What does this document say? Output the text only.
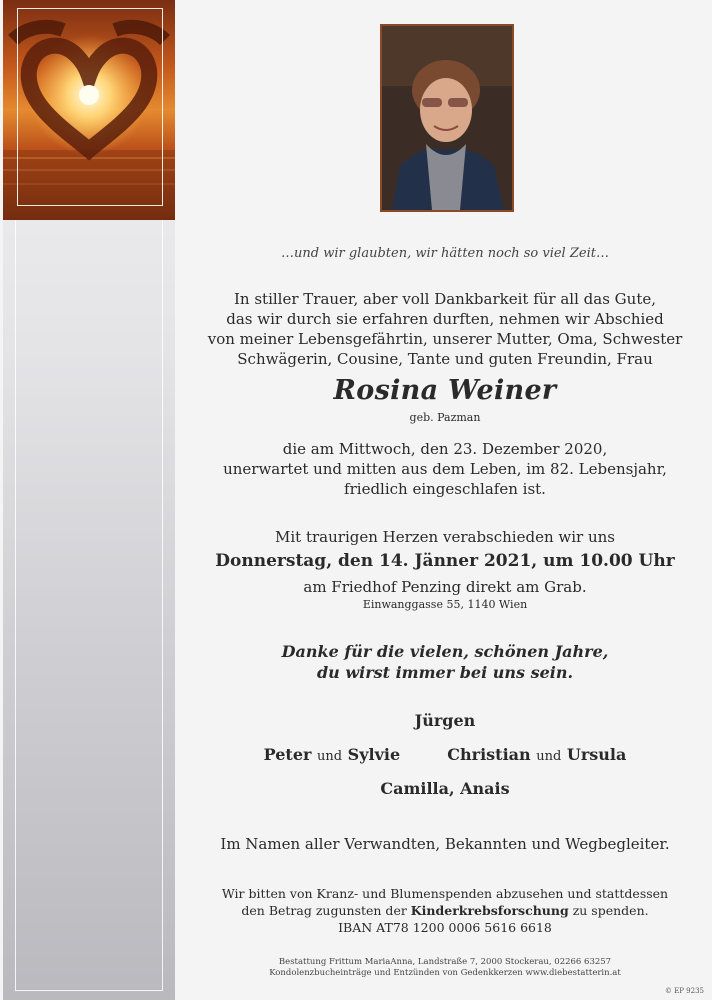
…und wir glaubten, wir hätten noch so viel Zeit…
In stiller Trauer, aber voll Dankbarkeit für all das Gute,
das wir durch sie erfahren durften, nehmen wir Abschied
von meiner Lebensgefährtin, unserer Mutter, Oma, Schwester
Schwägerin, Cousine, Tante und guten Freundin, Frau
Rosina Weiner
geb. Pazman
die am Mittwoch, den 23. Dezember 2020,
unerwartet und mitten aus dem Leben, im 82. Lebensjahr,
friedlich eingeschlafen ist.
Mit traurigen Herzen verabschieden wir uns
Donnerstag, den 14. Jänner 2021, um 10.00 Uhr
am Friedhof Penzing direkt am Grab.
Einwanggasse 55, 1140 Wien
Danke für die vielen, schönen Jahre,
du wirst immer bei uns sein.
Jürgen
Peter und Sylvie	Christian und Ursula
Camilla, Anais
Im Namen aller Verwandten, Bekannten und Wegbegleiter.
Wir bitten von Kranz- und Blumenspenden abzusehen und stattdessen
den Betrag zugunsten der Kinderkrebsforschung zu spenden.
IBAN AT78 1200 0006 5616 6618
Bestattung Frittum MariaAnna, Landstraße 7, 2000 Stockerau, 02266 63257
Kondolenzbucheinträge und Entzünden von Gedenkkerzen www.diebestatterin.at
© EP 9235
